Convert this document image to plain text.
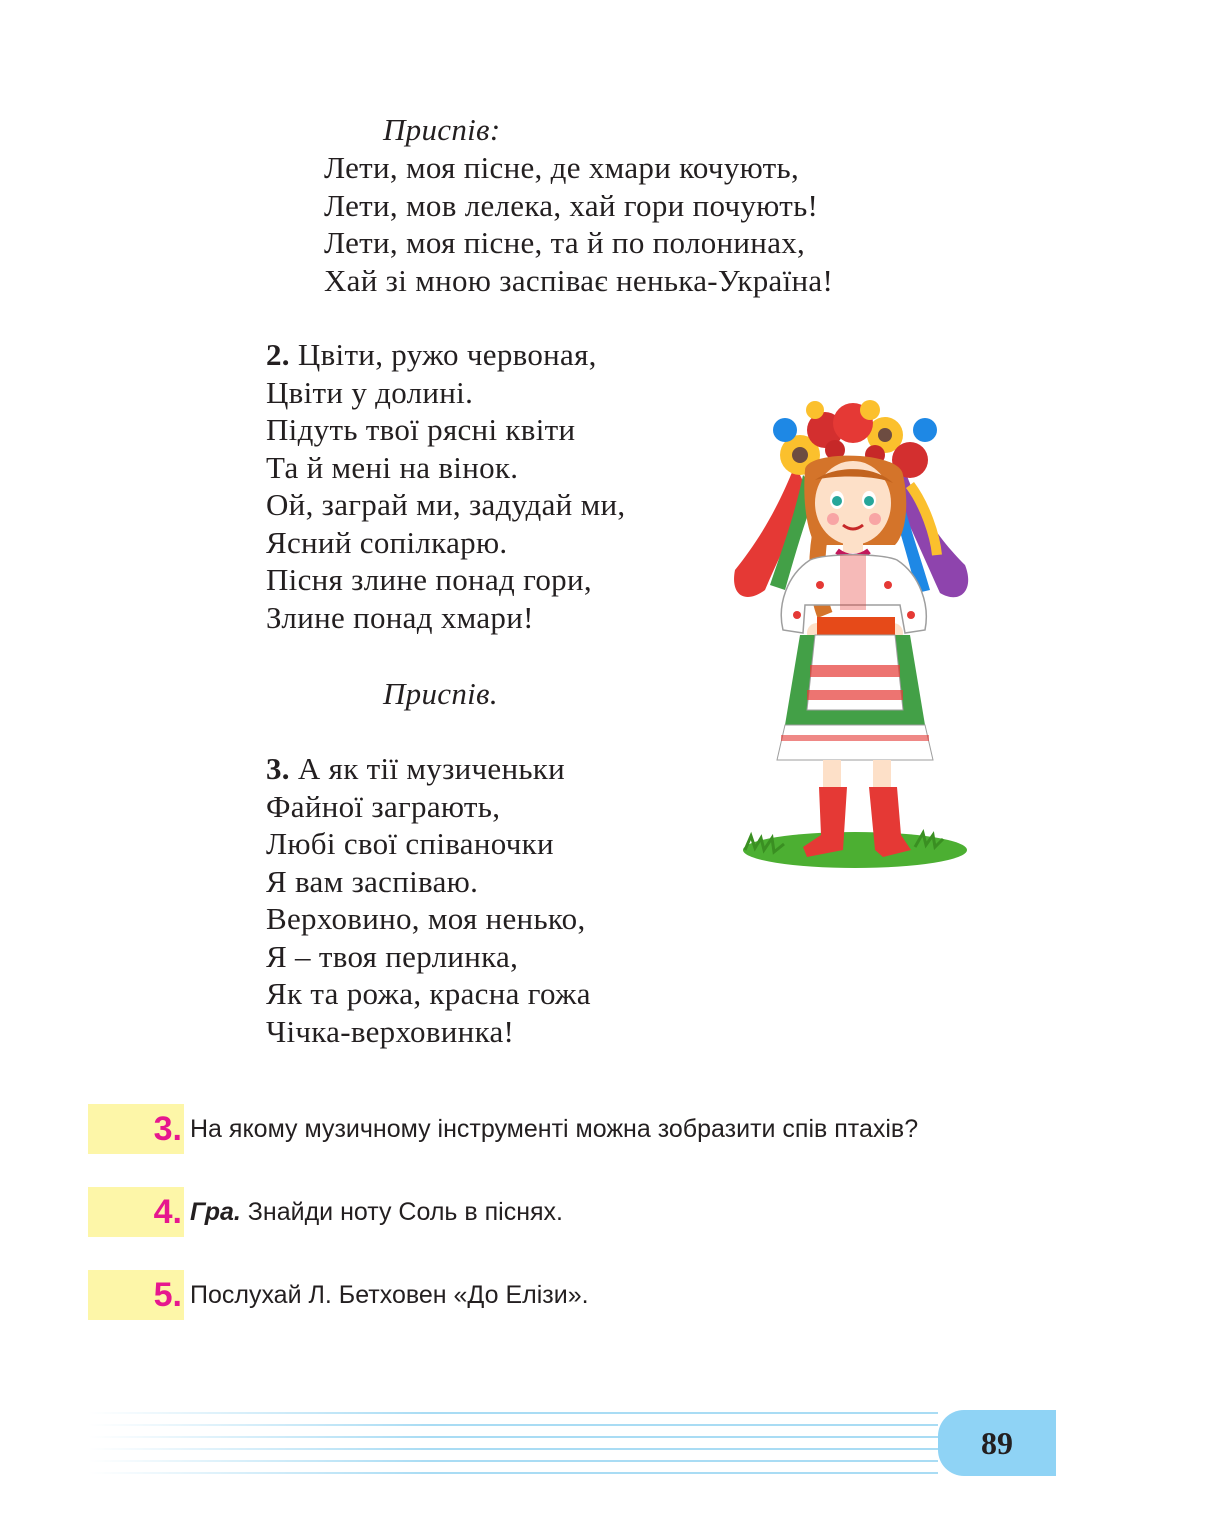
Приспів:
Лети, моя пісне, де хмари кочують,
Лети, мов лелека, хай гори почують!
Лети, моя пісне, та й по полонинах,
Хай зі мною заспіває ненька-Україна!
2. Цвіти, ружо червоная,
Цвіти у долині.
Підуть твої рясні квіти
Та й мені на вінок.
Ой, заграй ми, задудай ми,
Ясний сопілкарю.
Пісня злине понад гори,
Злине понад хмари!
Приспів.
3. А як тії музиченьки
Файної заграють,
Любі свої співаночки
Я вам заспіваю.
Верховино, моя ненько,
Я – твоя перлинка,
Як та рожа, красна гожа
Чічка-верховинка!
3. На якому музичному інструменті можна зобразити спів птахів?
4. Гра. Знайди ноту Соль в піснях.
5. Послухай Л. Бетховен «До Елізи».
89
